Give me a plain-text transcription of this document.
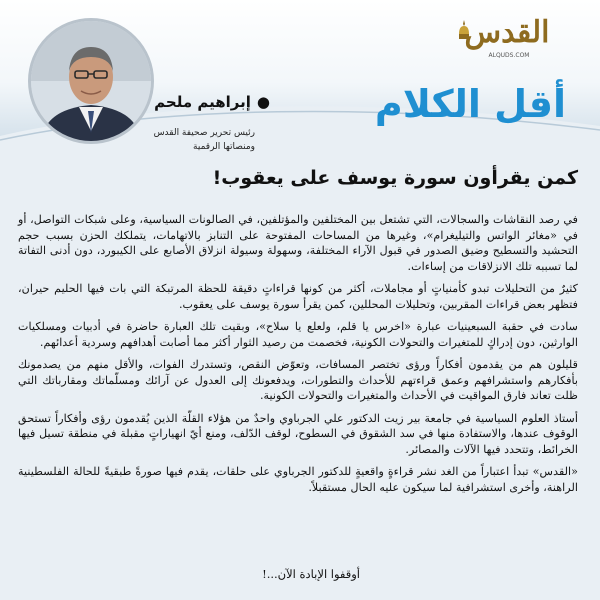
القدس
ALQUDS.COM
أقل الكلام
●إبراهيم ملحم
رئيس تحرير صحيفة القدس
ومنصاتها الرقمية
كمن يقرأون سورة يوسف على يعقوب!

في رصد النقاشات والسجالات، التي تشتعل بين المختلفين والمؤتلفين، في الصالونات السياسية، وعلى شبكات التواصل، أو في «مغائر الواتس والتيليغرام»، وغيرها من المساحات المفتوحة على التنابز بالاتهامات، يتملكك الحزن بسبب حجم التحشيد والتسطيح وضيق الصدور في قبول الآراء المختلفة، وسهولة وسيولة انزلاق الأصابع على الكيبورد، دون أدنى التفاتة لما تسببه تلك الانزلاقات من إساءات.

كثيرٌ من التحليلات تبدو كأمنياتٍ أو مجاملات، أكثر من كونها قراءاتٍ دقيقة للحظة المرتبكة التي بات فيها الحليم حيران، فتظهر بعض قراءات المقربين، وتحليلات المحللين، كمن يقرأ سورة يوسف على يعقوب.

سادت في حقبة السبعينيات عبارة «اخرس يا قلم، ولعلع يا سلاح»، وبقيت تلك العبارة حاضرة في أدبيات ومسلكيات الوارثين، دون إدراكٍ للمتغيرات والتحولات الكونية، فخصمت من رصيد الثوار أكثر مما أصابت أهدافهم وسردية أعدائهم.

قليلون هم من يقدمون أفكاراً ورؤى تختصر المسافات، وتعوّض النقص، وتستدرك الفوات، والأقل منهم من يصدمونك بأفكارهم واستشرافهم وعمق قراءتهم للأحداث والتطورات، ويدفعونك إلى العدول عن آرائك ومسلّماتك ومقارباتك التي ظلت تعاند فارق المواقيت في الأحداث والمتغيرات والتحولات الكونية.

أستاذ العلوم السياسية في جامعة بير زيت الدكتور علي الجرباوي واحدٌ من هؤلاء القلّة الذين يُقدمون رؤى وأفكاراً تستحق الوقوف عندها، والاستفادة منها في سد الشقوق في السطوح، لوقف الدّلف، ومنع أيّ انهياراتٍ مقبلة في منطقة تسيل فيها الخرائط، وتتحدد فيها الآلات والمصائر.

«القدس» تبدأ اعتباراً من الغد نشر قراءةٍ واقعيةٍ للدكتور الجرباوي على حلقات، يقدم فيها صورةً طبقيةً للحالة الفلسطينية الراهنة، وأخرى استشرافية لما سيكون عليه الحال مستقبلاً.

أوقفوا الإبادة الآن...!
